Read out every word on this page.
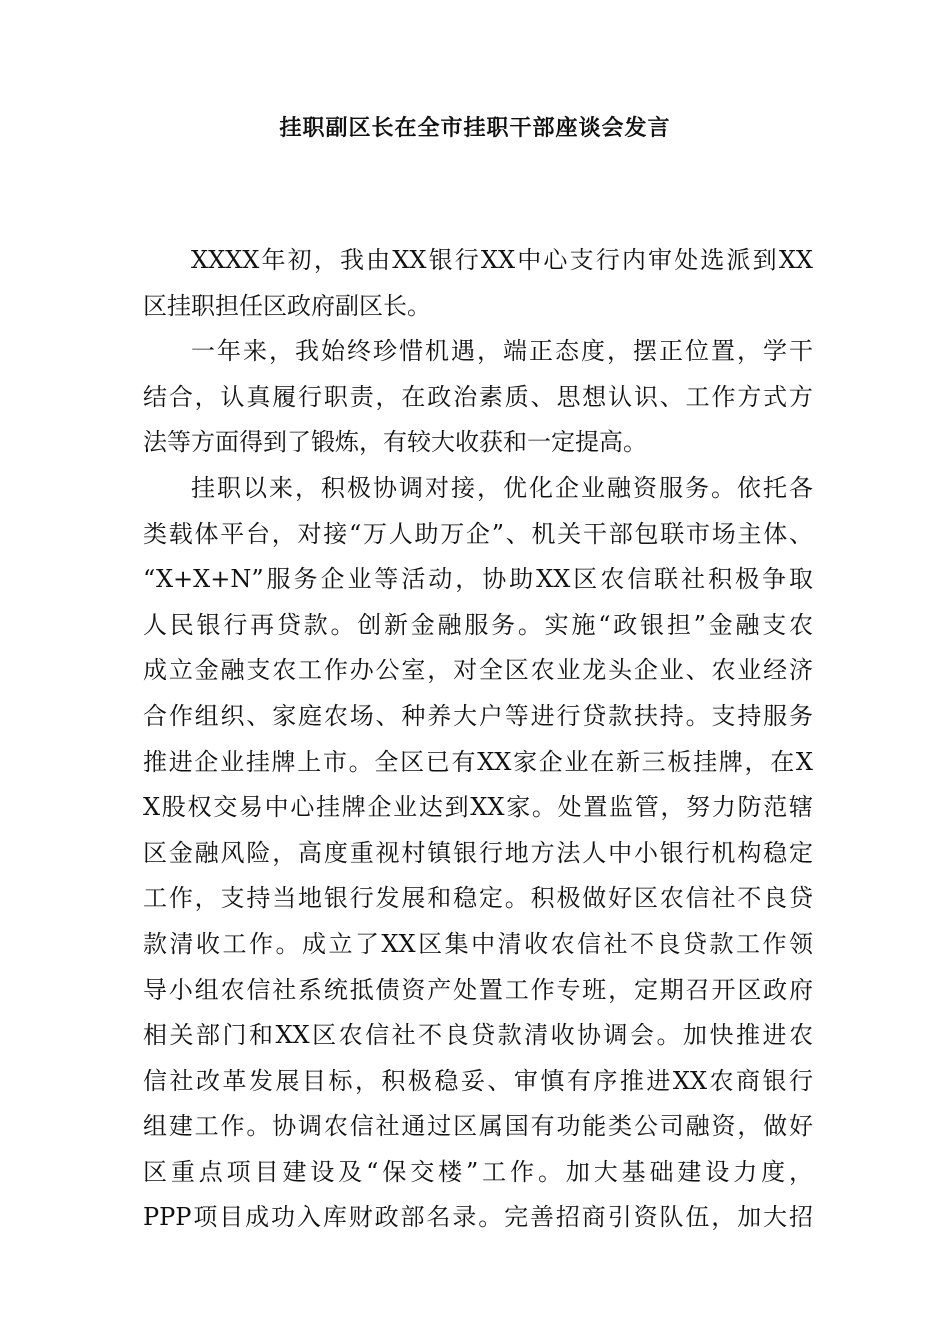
挂职副区长在全市挂职干部座谈会发言
XXXX年初，我由XX银行XX中心支行内审处选派到XX
区挂职担任区政府副区长。
一年来，我始终珍惜机遇，端正态度，摆正位置，学干
结合，认真履行职责，在政治素质、思想认识、工作方式方
法等方面得到了锻炼，有较大收获和一定提高。
挂职以来，积极协调对接，优化企业融资服务。依托各
类载体平台，对接“万人助万企”、机关干部包联市场主体、
“X+X+N”服务企业等活动，协助XX区农信联社积极争取
人民银行再贷款。创新金融服务。实施“政银担”金融支农
成立金融支农工作办公室，对全区农业龙头企业、农业经济
合作组织、家庭农场、种养大户等进行贷款扶持。支持服务
推进企业挂牌上市。全区已有XX家企业在新三板挂牌，在X
X股权交易中心挂牌企业达到XX家。处置监管，努力防范辖
区金融风险，高度重视村镇银行地方法人中小银行机构稳定
工作，支持当地银行发展和稳定。积极做好区农信社不良贷
款清收工作。成立了XX区集中清收农信社不良贷款工作领
导小组农信社系统抵债资产处置工作专班，定期召开区政府
相关部门和XX区农信社不良贷款清收协调会。加快推进农
信社改革发展目标，积极稳妥、审慎有序推进XX农商银行
组建工作。协调农信社通过区属国有功能类公司融资，做好
区重点项目建设及“保交楼”工作。加大基础建设力度，
PPP项目成功入库财政部名录。完善招商引资队伍，加大招
